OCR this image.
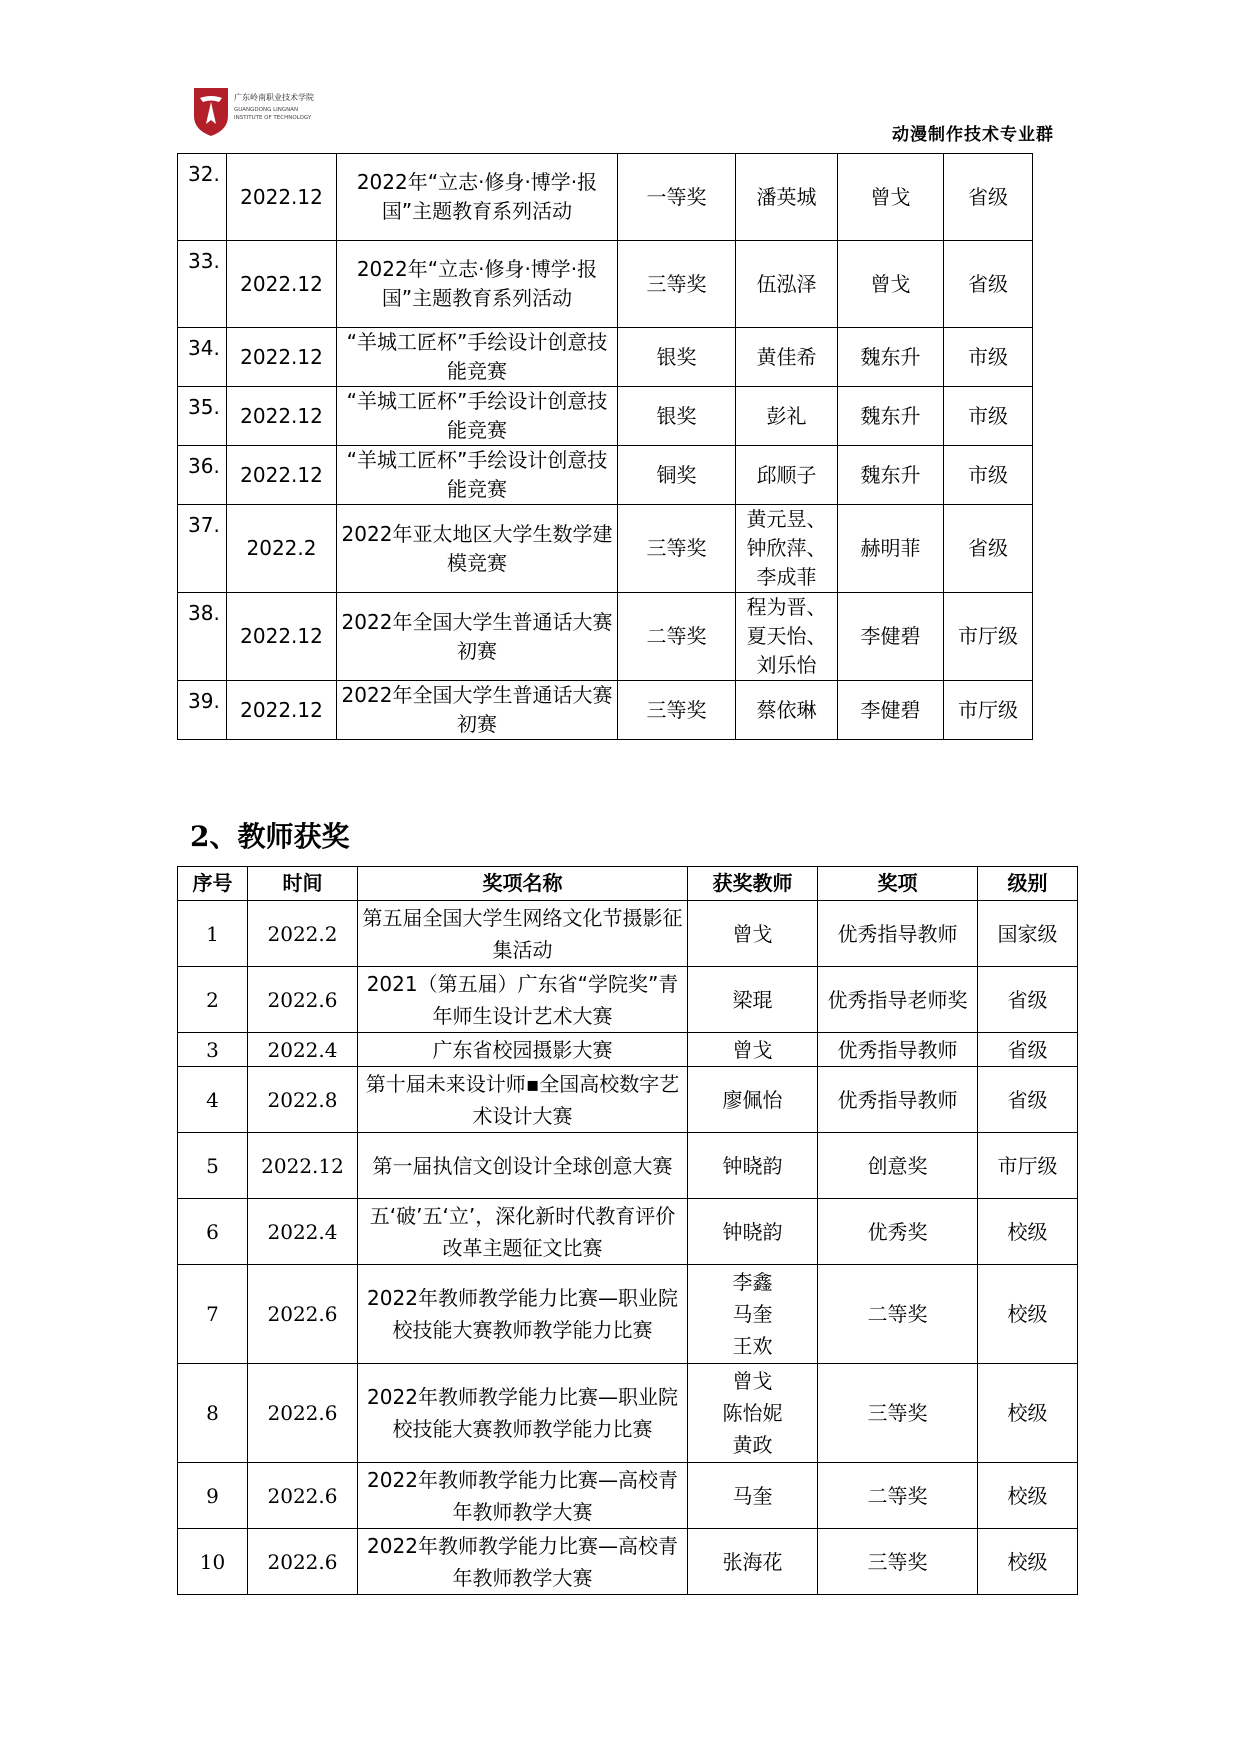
广东岭南职业技术学院
GUANGDONG LINGNAN
INSTITUTE OF TECHNOLOGY
动漫制作技术专业群
32.	2022.12	2022年“立志·修身·博学·报国”主题教育系列活动	一等奖	潘英城	曾戈	省级
33.	2022.12	2022年“立志·修身·博学·报国”主题教育系列活动	三等奖	伍泓泽	曾戈	省级
34.	2022.12	“羊城工匠杯”手绘设计创意技能竞赛	银奖	黄佳希	魏东升	市级
35.	2022.12	“羊城工匠杯”手绘设计创意技能竞赛	银奖	彭礼	魏东升	市级
36.	2022.12	“羊城工匠杯”手绘设计创意技能竞赛	铜奖	邱顺子	魏东升	市级
37.	2022.2	2022年亚太地区大学生数学建模竞赛	三等奖	黄元昱、钟欣萍、李成菲	赫明菲	省级
38.	2022.12	2022年全国大学生普通话大赛初赛	二等奖	程为晋、夏天怡、刘乐怡	李健碧	市厅级
39.	2022.12	2022年全国大学生普通话大赛初赛	三等奖	蔡依琳	李健碧	市厅级
2、教师获奖
序号	时间	奖项名称	获奖教师	奖项	级别
1	2022.2	第五届全国大学生网络文化节摄影征集活动	曾戈	优秀指导教师	国家级
2	2022.6	2021（第五届）广东省“学院奖”青年师生设计艺术大赛	梁琨	优秀指导老师奖	省级
3	2022.4	广东省校园摄影大赛	曾戈	优秀指导教师	省级
4	2022.8	第十届未来设计师▪全国高校数字艺术设计大赛	廖佩怡	优秀指导教师	省级
5	2022.12	第一届执信文创设计全球创意大赛	钟晓韵	创意奖	市厅级
6	2022.4	五‘破’五‘立’，深化新时代教育评价改革主题征文比赛	钟晓韵	优秀奖	校级
7	2022.6	2022年教师教学能力比赛—职业院校技能大赛教师教学能力比赛	李鑫
马奎
王欢	二等奖	校级
8	2022.6	2022年教师教学能力比赛—职业院校技能大赛教师教学能力比赛	曾戈
陈怡妮
黄政	三等奖	校级
9	2022.6	2022年教师教学能力比赛—高校青年教师教学大赛	马奎	二等奖	校级
10	2022.6	2022年教师教学能力比赛—高校青年教师教学大赛	张海花	三等奖	校级
